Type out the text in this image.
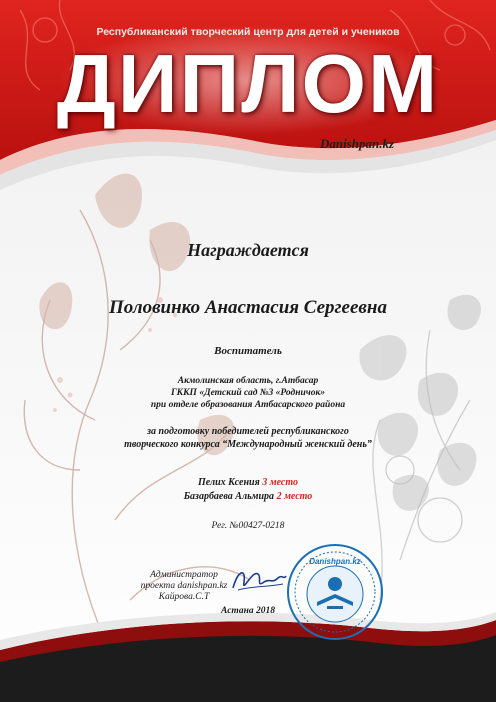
Республиканский творческий центр для детей и учеников
ДИПЛОМ
Danishpan.kz
Награждается
Половинко Анастасия Сергеевна
Воспитатель
Акмолинская область, г.Атбасар
ГККП «Детский сад №3 «Родничок»
при отделе образования Атбасарского района
за подготовку победителей республиканского
творческого конкурса “Международный женский день”
Пелих Ксения 3 место
Базарбаева Альмира 2 место
Рег. №00427-0218
Администратор
проекта danishpan.kz
Кайрова.С.Т
Астана 2018
Danishpan.kz
